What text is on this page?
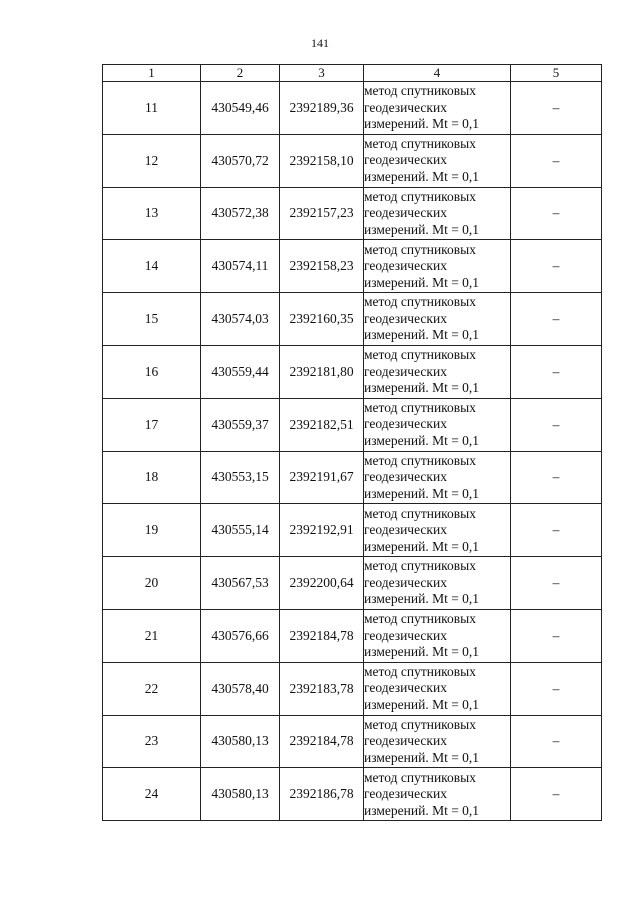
141
1	2	3	4	5
11	430549,46	2392189,36	метод спутниковых
геодезических
измерений. Mt = 0,1	–
12	430570,72	2392158,10	метод спутниковых
геодезических
измерений. Mt = 0,1	–
13	430572,38	2392157,23	метод спутниковых
геодезических
измерений. Mt = 0,1	–
14	430574,11	2392158,23	метод спутниковых
геодезических
измерений. Mt = 0,1	–
15	430574,03	2392160,35	метод спутниковых
геодезических
измерений. Mt = 0,1	–
16	430559,44	2392181,80	метод спутниковых
геодезических
измерений. Mt = 0,1	–
17	430559,37	2392182,51	метод спутниковых
геодезических
измерений. Mt = 0,1	–
18	430553,15	2392191,67	метод спутниковых
геодезических
измерений. Mt = 0,1	–
19	430555,14	2392192,91	метод спутниковых
геодезических
измерений. Mt = 0,1	–
20	430567,53	2392200,64	метод спутниковых
геодезических
измерений. Mt = 0,1	–
21	430576,66	2392184,78	метод спутниковых
геодезических
измерений. Mt = 0,1	–
22	430578,40	2392183,78	метод спутниковых
геодезических
измерений. Mt = 0,1	–
23	430580,13	2392184,78	метод спутниковых
геодезических
измерений. Mt = 0,1	–
24	430580,13	2392186,78	метод спутниковых
геодезических
измерений. Mt = 0,1	–
